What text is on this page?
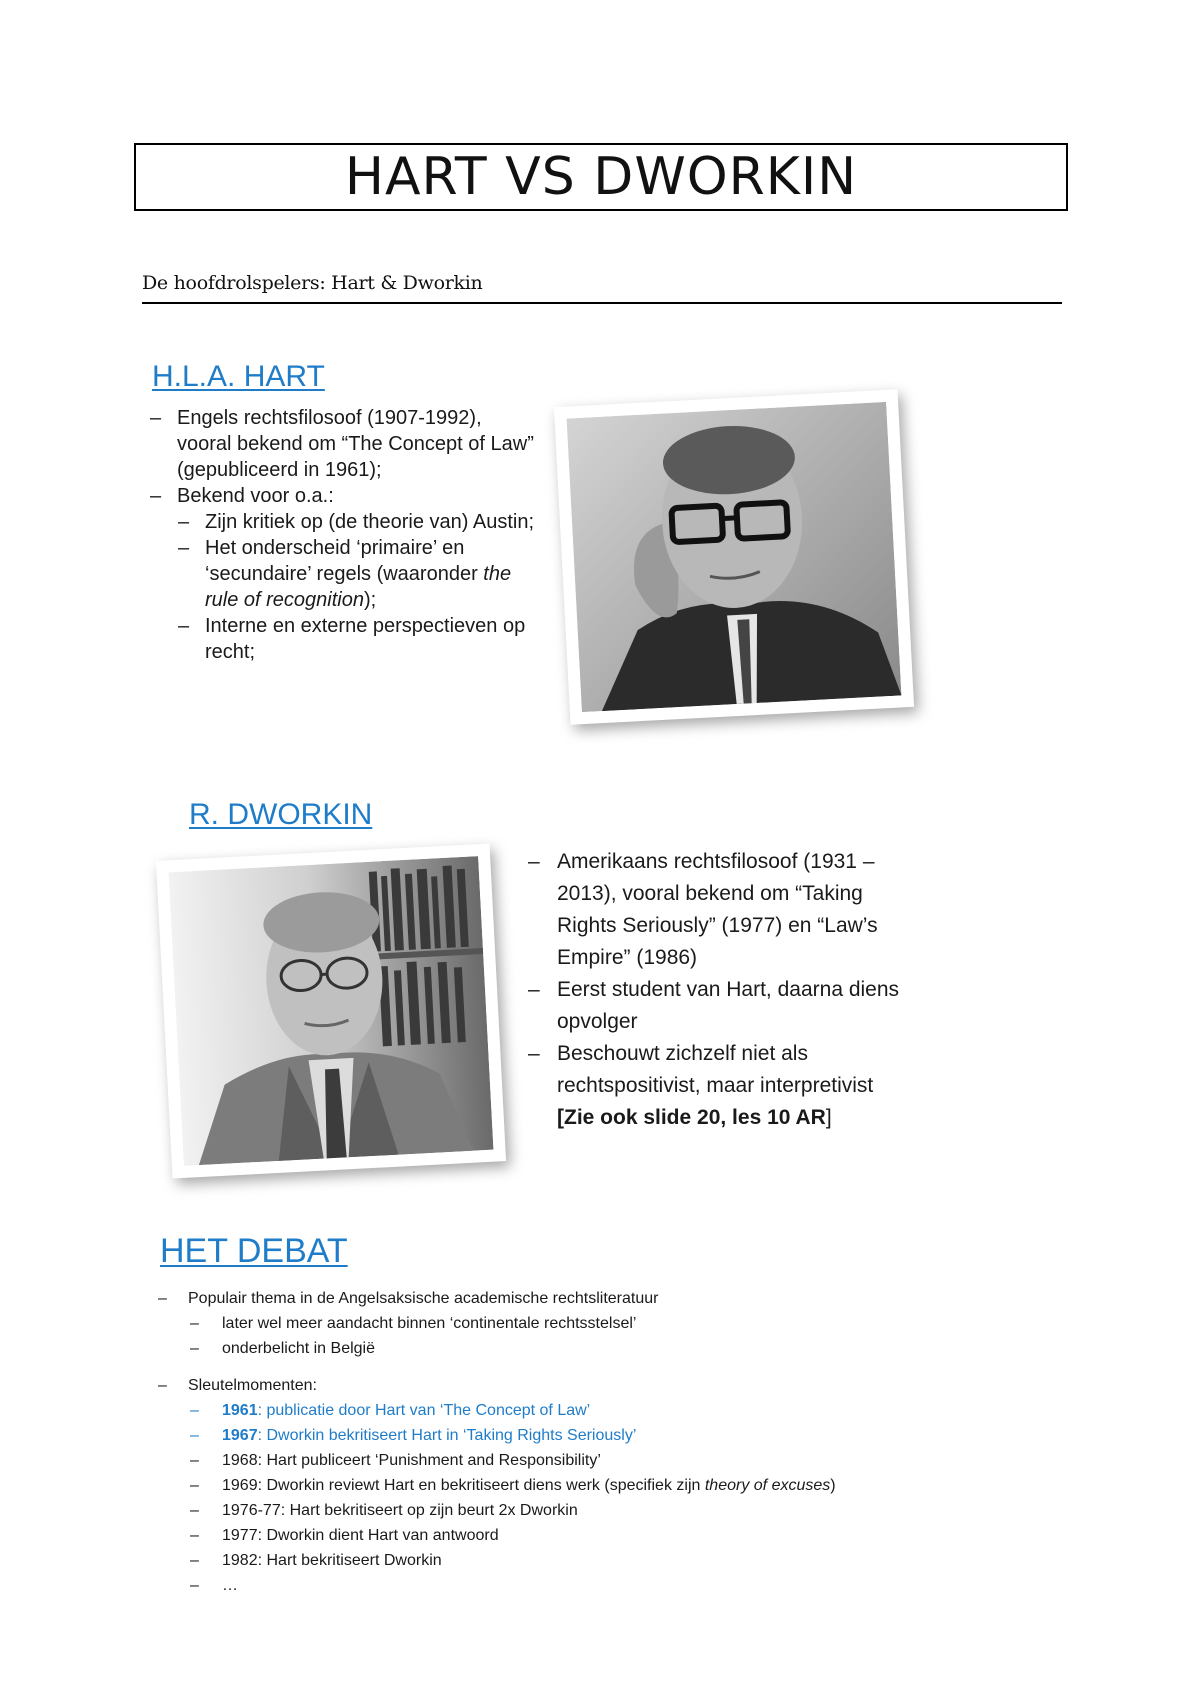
HART VS DWORKIN
De hoofdrolspelers: Hart & Dworkin
H.L.A. HART
– Engels rechtsfilosoof (1907-1992), vooral bekend om “The Concept of Law” (gepubliceerd in 1961);
– Bekend voor o.a.:
– Zijn kritiek op (de theorie van) Austin;
– Het onderscheid ‘primaire’ en ‘secundaire’ regels (waaronder the rule of recognition);
– Interne en externe perspectieven op recht;
R. DWORKIN
– Amerikaans rechtsfilosoof (1931 – 2013), vooral bekend om “Taking Rights Seriously” (1977) en “Law’s Empire” (1986)
– Eerst student van Hart, daarna diens opvolger
– Beschouwt zichzelf niet als rechtspositivist, maar interpretivist
[Zie ook slide 20, les 10 AR]
HET DEBAT
– Populair thema in de Angelsaksische academische rechtsliteratuur
– later wel meer aandacht binnen ‘continentale rechtsstelsel’
– onderbelicht in België
– Sleutelmomenten:
– 1961: publicatie door Hart van ‘The Concept of Law’
– 1967: Dworkin bekritiseert Hart in ‘Taking Rights Seriously’
– 1968: Hart publiceert ‘Punishment and Responsibility’
– 1969: Dworkin reviewt Hart en bekritiseert diens werk (specifiek zijn theory of excuses)
– 1976-77: Hart bekritiseert op zijn beurt 2x Dworkin
– 1977: Dworkin dient Hart van antwoord
– 1982: Hart bekritiseert Dworkin
– …
